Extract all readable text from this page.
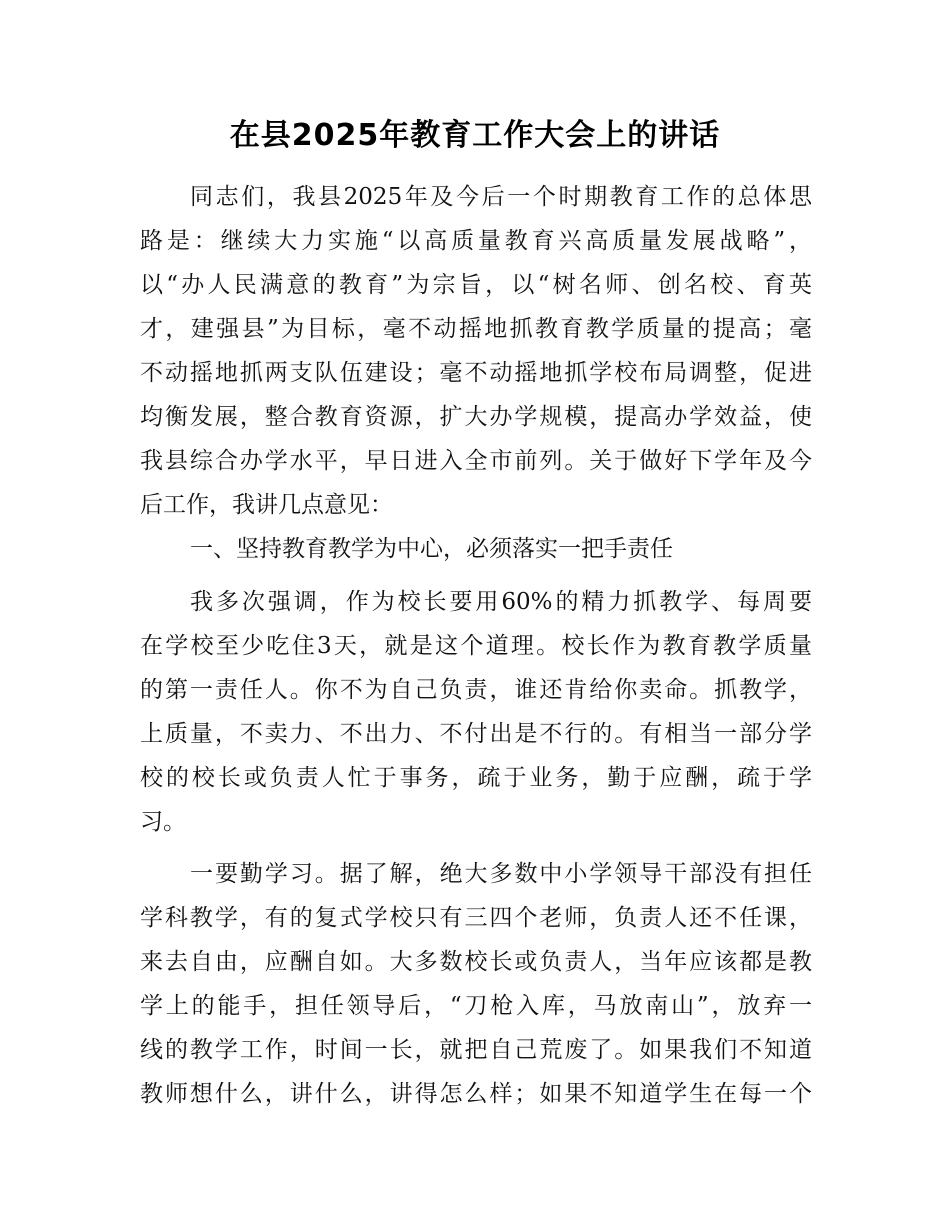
在县2025年教育工作大会上的讲话

同志们，我县2025年及今后一个时期教育工作的总体思

路是：继续大力实施“以高质量教育兴高质量发展战略”，

以“办人民满意的教育”为宗旨，以“树名师、创名校、育英

才，建强县”为目标，毫不动摇地抓教育教学质量的提高；毫

不动摇地抓两支队伍建设；毫不动摇地抓学校布局调整，促进

均衡发展，整合教育资源，扩大办学规模，提高办学效益，使

我县综合办学水平，早日进入全市前列。关于做好下学年及今

后工作，我讲几点意见：

一、坚持教育教学为中心，必须落实一把手责任

我多次强调，作为校长要用60%的精力抓教学、每周要

在学校至少吃住3天，就是这个道理。校长作为教育教学质量

的第一责任人。你不为自己负责，谁还肯给你卖命。抓教学，

上质量，不卖力、不出力、不付出是不行的。有相当一部分学

校的校长或负责人忙于事务，疏于业务，勤于应酬，疏于学

习。

一要勤学习。据了解，绝大多数中小学领导干部没有担任

学科教学，有的复式学校只有三四个老师，负责人还不任课，

来去自由，应酬自如。大多数校长或负责人，当年应该都是教

学上的能手，担任领导后，“刀枪入库，马放南山”，放弃一

线的教学工作，时间一长，就把自己荒废了。如果我们不知道

教师想什么，讲什么，讲得怎么样；如果不知道学生在每一个
